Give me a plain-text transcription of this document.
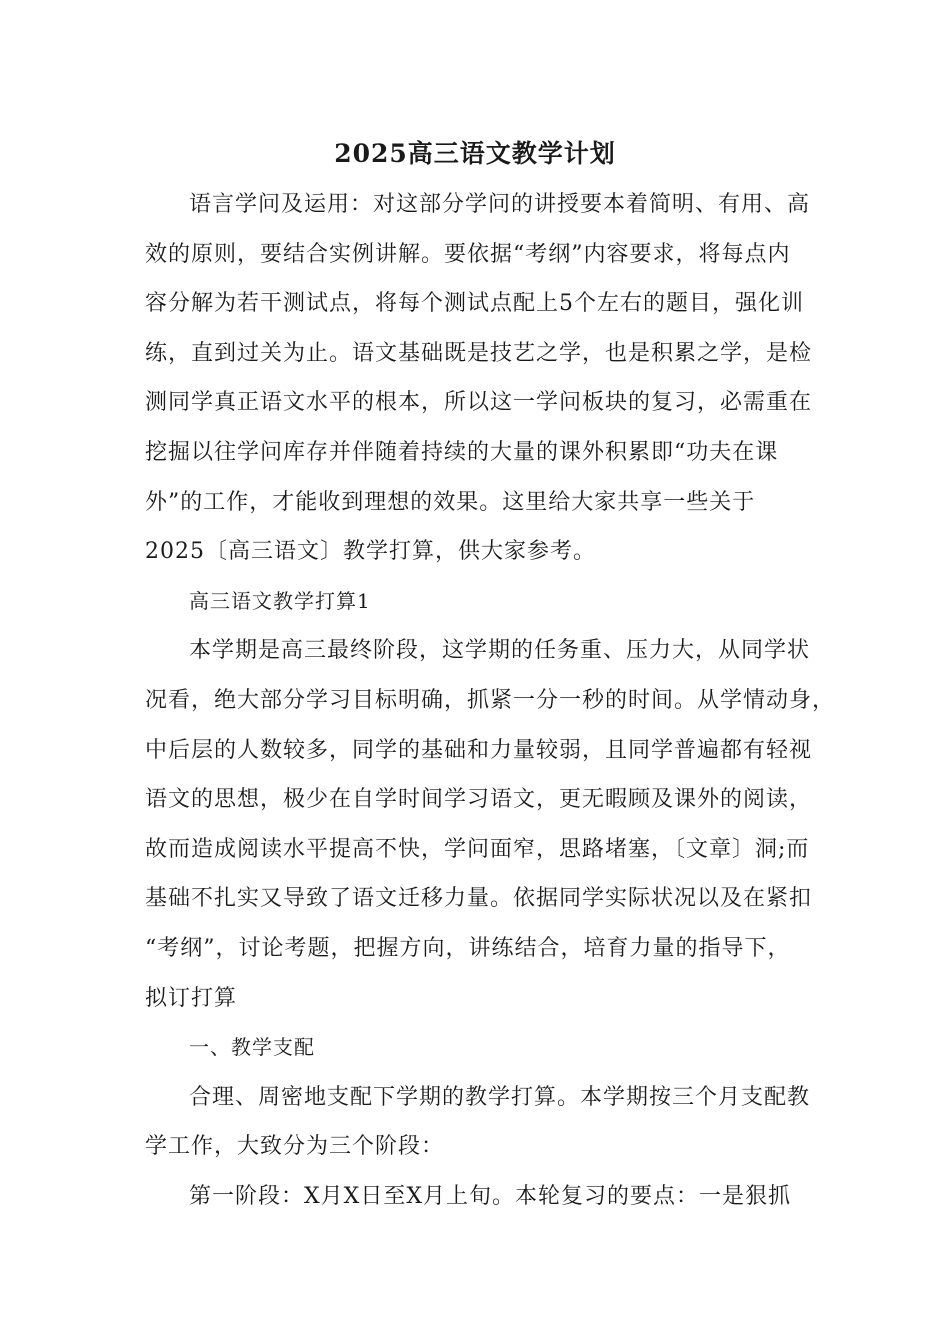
2025高三语文教学计划
语言学问及运用：对这部分学问的讲授要本着简明、有用、高
效的原则，要结合实例讲解。要依据“考纲”内容要求，将每点内
容分解为若干测试点，将每个测试点配上5个左右的题目，强化训
练，直到过关为止。语文基础既是技艺之学，也是积累之学，是检
测同学真正语文水平的根本，所以这一学问板块的复习，必需重在
挖掘以往学问库存并伴随着持续的大量的课外积累即“功夫在课
外”的工作，才能收到理想的效果。这里给大家共享一些关于
2025〔高三语文〕教学打算，供大家参考。
高三语文教学打算1
本学期是高三最终阶段，这学期的任务重、压力大，从同学状
况看，绝大部分学习目标明确，抓紧一分一秒的时间。从学情动身，
中后层的人数较多，同学的基础和力量较弱，且同学普遍都有轻视
语文的思想，极少在自学时间学习语文，更无暇顾及课外的阅读，
故而造成阅读水平提高不快，学问面窄，思路堵塞，〔文章〕洞;而
基础不扎实又导致了语文迁移力量。依据同学实际状况以及在紧扣
“考纲”，讨论考题，把握方向，讲练结合，培育力量的指导下，
拟订打算
一、教学支配
合理、周密地支配下学期的教学打算。本学期按三个月支配教
学工作，大致分为三个阶段：
第一阶段：X月X日至X月上旬。本轮复习的要点：一是狠抓
